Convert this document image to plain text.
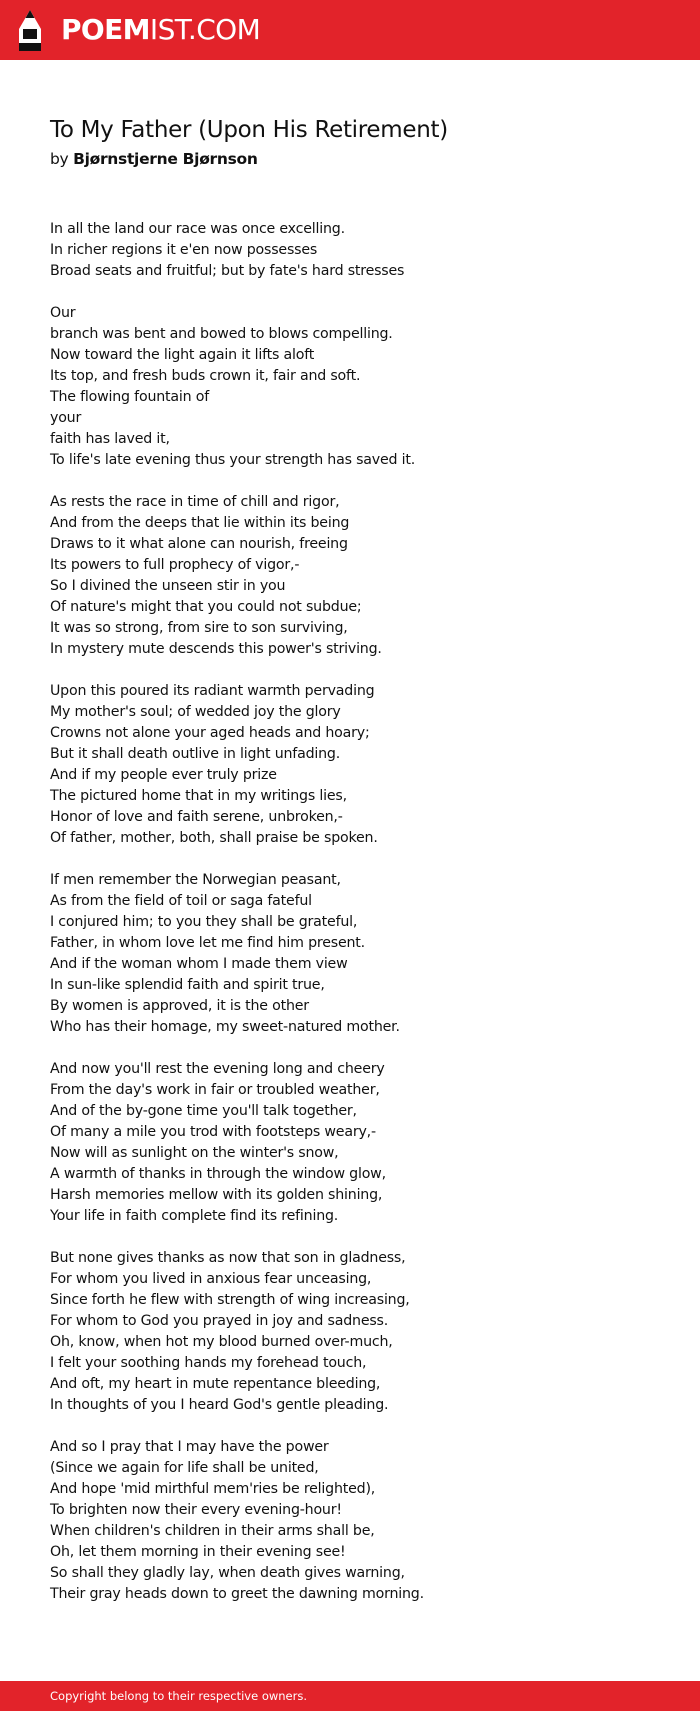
POEMIST.COM
To My Father (Upon His Retirement)
by Bjørnstjerne Bjørnson
In all the land our race was once excelling.
In richer regions it e'en now possesses
Broad seats and fruitful; but by fate's hard stresses
Our
branch was bent and bowed to blows compelling.
Now toward the light again it lifts aloft
Its top, and fresh buds crown it, fair and soft.
The flowing fountain of
your
faith has laved it,
To life's late evening thus your strength has saved it.
As rests the race in time of chill and rigor,
And from the deeps that lie within its being
Draws to it what alone can nourish, freeing
Its powers to full prophecy of vigor,-
So I divined the unseen stir in you
Of nature's might that you could not subdue;
It was so strong, from sire to son surviving,
In mystery mute descends this power's striving.
Upon this poured its radiant warmth pervading
My mother's soul; of wedded joy the glory
Crowns not alone your aged heads and hoary;
But it shall death outlive in light unfading.
And if my people ever truly prize
The pictured home that in my writings lies,
Honor of love and faith serene, unbroken,-
Of father, mother, both, shall praise be spoken.
If men remember the Norwegian peasant,
As from the field of toil or saga fateful
I conjured him; to you they shall be grateful,
Father, in whom love let me find him present.
And if the woman whom I made them view
In sun-like splendid faith and spirit true,
By women is approved, it is the other
Who has their homage, my sweet-natured mother.
And now you'll rest the evening long and cheery
From the day's work in fair or troubled weather,
And of the by-gone time you'll talk together,
Of many a mile you trod with footsteps weary,-
Now will as sunlight on the winter's snow,
A warmth of thanks in through the window glow,
Harsh memories mellow with its golden shining,
Your life in faith complete find its refining.
But none gives thanks as now that son in gladness,
For whom you lived in anxious fear unceasing,
Since forth he flew with strength of wing increasing,
For whom to God you prayed in joy and sadness.
Oh, know, when hot my blood burned over-much,
I felt your soothing hands my forehead touch,
And oft, my heart in mute repentance bleeding,
In thoughts of you I heard God's gentle pleading.
And so I pray that I may have the power
(Since we again for life shall be united,
And hope 'mid mirthful mem'ries be relighted),
To brighten now their every evening-hour!
When children's children in their arms shall be,
Oh, let them morning in their evening see!
So shall they gladly lay, when death gives warning,
Their gray heads down to greet the dawning morning.
Copyright belong to their respective owners.
